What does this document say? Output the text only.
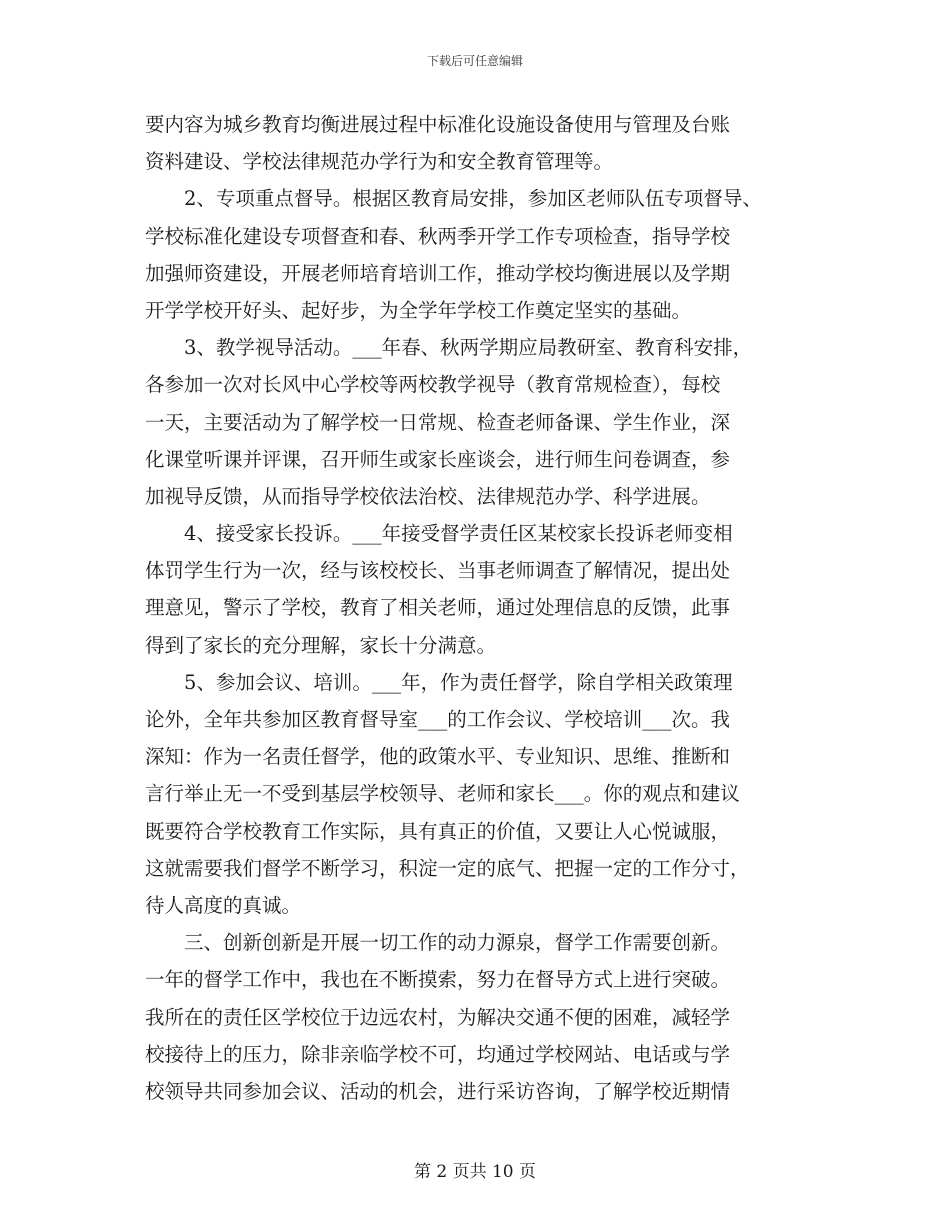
下载后可任意编辑
要内容为城乡教育均衡进展过程中标准化设施设备使用与管理及台账
资料建设、学校法律规范办学行为和安全教育管理等。
　　2、专项重点督导。根据区教育局安排，参加区老师队伍专项督导、
学校标准化建设专项督查和春、秋两季开学工作专项检查，指导学校
加强师资建设，开展老师培育培训工作，推动学校均衡进展以及学期
开学学校开好头、起好步，为全学年学校工作奠定坚实的基础。
　　3、教学视导活动。___年春、秋两学期应局教研室、教育科安排，
各参加一次对长风中心学校等两校教学视导（教育常规检查），每校
一天，主要活动为了解学校一日常规、检查老师备课、学生作业，深
化课堂听课并评课，召开师生或家长座谈会，进行师生问卷调查，参
加视导反馈，从而指导学校依法治校、法律规范办学、科学进展。
　　4、接受家长投诉。___年接受督学责任区某校家长投诉老师变相
体罚学生行为一次，经与该校校长、当事老师调查了解情况，提出处
理意见，警示了学校，教育了相关老师，通过处理信息的反馈，此事
得到了家长的充分理解，家长十分满意。
　　5、参加会议、培训。___年，作为责任督学，除自学相关政策理
论外，全年共参加区教育督导室___的工作会议、学校培训___次。我
深知：作为一名责任督学，他的政策水平、专业知识、思维、推断和
言行举止无一不受到基层学校领导、老师和家长___。你的观点和建议
既要符合学校教育工作实际，具有真正的价值，又要让人心悦诚服，
这就需要我们督学不断学习，积淀一定的底气、把握一定的工作分寸，
待人高度的真诚。
　　三、创新创新是开展一切工作的动力源泉，督学工作需要创新。
一年的督学工作中，我也在不断摸索，努力在督导方式上进行突破。
我所在的责任区学校位于边远农村，为解决交通不便的困难，减轻学
校接待上的压力，除非亲临学校不可，均通过学校网站、电话或与学
校领导共同参加会议、活动的机会，进行采访咨询，了解学校近期情
第 2 页共 10 页
